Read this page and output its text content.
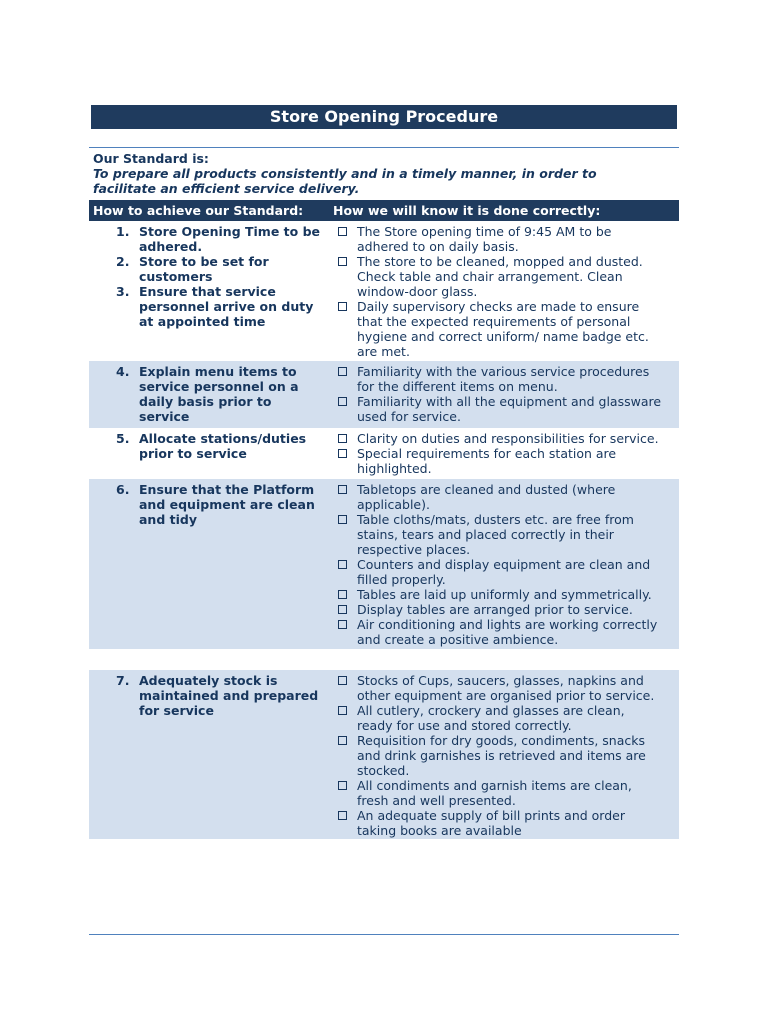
Store Opening Procedure
Our Standard is:
To prepare all products consistently and in a timely manner, in order to
facilitate an efficient service delivery.
How to achieve our Standard: How we will know it is done correctly:
1. Store Opening Time to be
adhered.
2. Store to be set for
customers
3. Ensure that service
personnel arrive on duty
at appointed time
The Store opening time of 9:45 AM to be
adhered to on daily basis.
The store to be cleaned, mopped and dusted.
Check table and chair arrangement. Clean
window-door glass.
Daily supervisory checks are made to ensure
that the expected requirements of personal
hygiene and correct uniform/ name badge etc.
are met.
4. Explain menu items to
service personnel on a
daily basis prior to
service
Familiarity with the various service procedures
for the different items on menu.
Familiarity with all the equipment and glassware
used for service.
5. Allocate stations/duties
prior to service
Clarity on duties and responsibilities for service.
Special requirements for each station are
highlighted.
6. Ensure that the Platform
and equipment are clean
and tidy
Tabletops are cleaned and dusted (where
applicable).
Table cloths/mats, dusters etc. are free from
stains, tears and placed correctly in their
respective places.
Counters and display equipment are clean and
filled properly.
Tables are laid up uniformly and symmetrically.
Display tables are arranged prior to service.
Air conditioning and lights are working correctly
and create a positive ambience.
7. Adequately stock is
maintained and prepared
for service
Stocks of Cups, saucers, glasses, napkins and
other equipment are organised prior to service.
All cutlery, crockery and glasses are clean,
ready for use and stored correctly.
Requisition for dry goods, condiments, snacks
and drink garnishes is retrieved and items are
stocked.
All condiments and garnish items are clean,
fresh and well presented.
An adequate supply of bill prints and order
taking books are available
